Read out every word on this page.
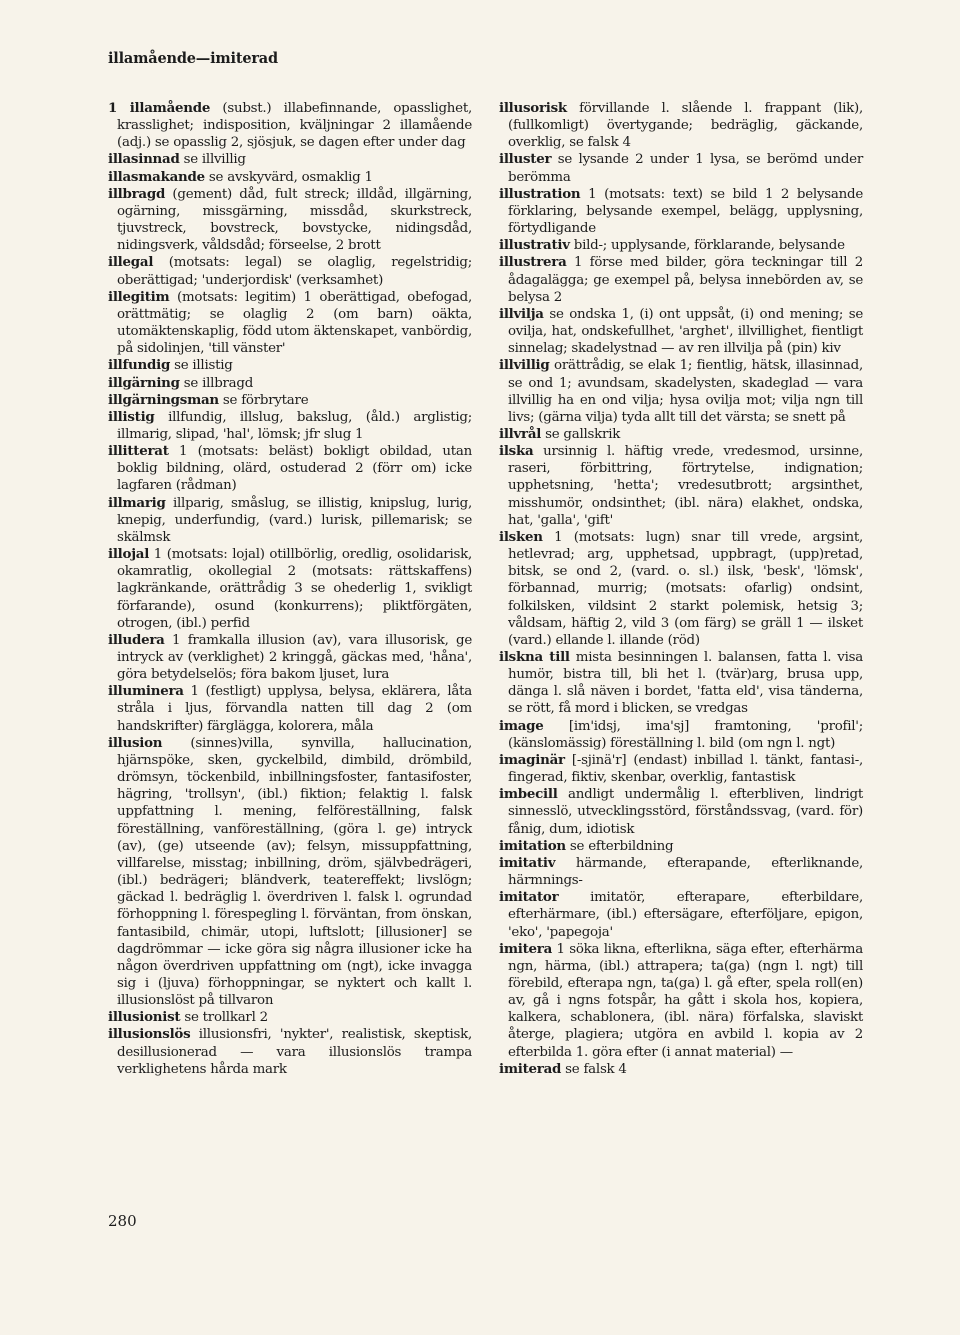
illamående—imiterad

1 illamående (subst.) illabefinnande, opasslighet, krasslighet; indisposition, kväljningar 2 illamående (adj.) se opasslig 2, sjösjuk, se dagen efter under dag

illasinnad se illvillig

illasmakande se avskyvärd, osmaklig 1

illbragd (gement) dåd, fult streck; illdåd, illgärning, ogärning, missgärning, missdåd, skurkstreck, tjuvstreck, bovstreck, bovstycke, nidingsdåd, nidingsverk, våldsdåd; förseelse, 2 brott

illegal (motsats: legal) se olaglig, regelstridig; oberättigad; 'underjordisk' (verksamhet)

illegitim (motsats: legitim) 1 oberättigad, obefogad, orättmätig; se olaglig 2 (om barn) oäkta, utomäktenskaplig, född utom äktenskapet, vanbördig, på sidolinjen, 'till vänster'

illfundig se illistig

illgärning se illbragd

illgärningsman se förbrytare

illistig illfundig, illslug, bakslug, (åld.) arglistig; illmarig, slipad, 'hal', lömsk; jfr slug 1

illitterat 1 (motsats: beläst) bokligt obildad, utan boklig bildning, olärd, ostuderad 2 (förr om) icke lagfaren (rådman)

illmarig illparig, småslug, se illistig, knipslug, lurig, knepig, underfundig, (vard.) lurisk, pillemarisk; se skälmsk

illojal 1 (motsats: lojal) otillbörlig, oredlig, osolidarisk, okamratlig, okollegial 2 (motsats: rättskaffens) lagkränkande, orättrådig 3 se ohederlig 1, svikligt förfarande), osund (konkurrens); pliktförgäten, otrogen, (ibl.) perfid

illudera 1 framkalla illusion (av), vara illusorisk, ge intryck av (verklighet) 2 kringgå, gäckas med, 'håna', göra betydelselös; föra bakom ljuset, lura

illuminera 1 (festligt) upplysa, belysa, eklärera, låta stråla i ljus, förvandla natten till dag 2 (om handskrifter) färglägga, kolorera, måla

illusion (sinnes)villa, synvilla, hallucination, hjärnspöke, sken, gyckelbild, dimbild, drömbild, drömsyn, töckenbild, inbillningsfoster, fantasifoster, hägring, 'trollsyn', (ibl.) fiktion; felaktig l. falsk uppfattning l. mening, felföreställning, falsk föreställning, vanföreställning, (göra l. ge) intryck (av), (ge) utseende (av); felsyn, missuppfattning, villfarelse, misstag; inbillning, dröm, självbedrägeri, (ibl.) bedrägeri; bländverk, teatereffekt; livslögn; gäckad l. bedräglig l. överdriven l. falsk l. ogrundad förhoppning l. förespegling l. förväntan, from önskan, fantasibild, chimär, utopi, luftslott; [illusioner] se dagdrömmar — icke göra sig några illusioner icke ha någon överdriven uppfattning om (ngt), icke invagga sig i (ljuva) förhoppningar, se nyktert och kallt l. illusionslöst på tillvaron

illusionist se trollkarl 2

illusionslös illusionsfri, 'nykter', realistisk, skeptisk, desillusionerad — vara illusionslös trampa verklighetens hårda mark

illusorisk förvillande l. slående l. frappant (lik), (fullkomligt) övertygande; bedräglig, gäckande, overklig, se falsk 4

illuster se lysande 2 under 1 lysa, se berömd under berömma

illustration 1 (motsats: text) se bild 1 2 belysande förklaring, belysande exempel, belägg, upplysning, förtydligande

illustrativ bild-; upplysande, förklarande, belysande

illustrera 1 förse med bilder, göra teckningar till 2 ådagalägga; ge exempel på, belysa innebörden av, se belysa 2

illvilja se ondska 1, (i) ont uppsåt, (i) ond mening; se ovilja, hat, ondskefullhet, 'arghet', illvillighet, fientligt sinnelag; skadelystnad — av ren illvilja på (pin) kiv

illvillig orättrådig, se elak 1; fientlig, hätsk, illasinnad, se ond 1; avundsam, skadelysten, skadeglad — vara illvillig ha en ond vilja; hysa ovilja mot; vilja ngn till livs; (gärna vilja) tyda allt till det värsta; se snett på

illvrål se gallskrik

ilska ursinnig l. häftig vrede, vredesmod, ursinne, raseri, förbittring, förtrytelse, indignation; upphetsning, 'hetta'; vredesutbrott; argsinthet, misshumör, ondsinthet; (ibl. nära) elakhet, ondska, hat, 'galla', 'gift'

ilsken 1 (motsats: lugn) snar till vrede, argsint, hetlevrad; arg, upphetsad, uppbragt, (upp)retad, bitsk, se ond 2, (vard. o. sl.) ilsk, 'besk', 'lömsk', förbannad, murrig; (motsats: ofarlig) ondsint, folkilsken, vildsint 2 starkt polemisk, hetsig 3; våldsam, häftig 2, vild 3 (om färg) se gräll 1 — ilsket (vard.) ellande l. illande (röd)

ilskna till mista besinningen l. balansen, fatta l. visa humör, bistra till, bli het l. (tvär)arg, brusa upp, dänga l. slå näven i bordet, 'fatta eld', visa tänderna, se rött, få mord i blicken, se vredgas

image [im'idsj, ima'sj] framtoning, 'profil'; (känslomässig) föreställning l. bild (om ngn l. ngt)

imaginär [-sjinä'r] (endast) inbillad l. tänkt, fantasi-, fingerad, fiktiv, skenbar, overklig, fantastisk

imbecill andligt undermålig l. efterbliven, lindrigt sinnesslö, utvecklingsstörd, förståndssvag, (vard. för) fånig, dum, idiotisk

imitation se efterbildning

imitativ härmande, efterapande, efterliknande, härmnings-

imitator imitatör, efterapare, efterbildare, efterhärmare, (ibl.) eftersägare, efterföljare, epigon, 'eko', 'papegoja'

imitera 1 söka likna, efterlikna, säga efter, efterhärma ngn, härma, (ibl.) attrapera; ta(ga) (ngn l. ngt) till förebild, efterapa ngn, ta(ga) l. gå efter, spela roll(en) av, gå i ngns fotspår, ha gått i skola hos, kopiera, kalkera, schablonera, (ibl. nära) förfalska, slaviskt återge, plagiera; utgöra en avbild l. kopia av 2 efterbilda 1. göra efter (i annat material) —

imiterad se falsk 4

280
